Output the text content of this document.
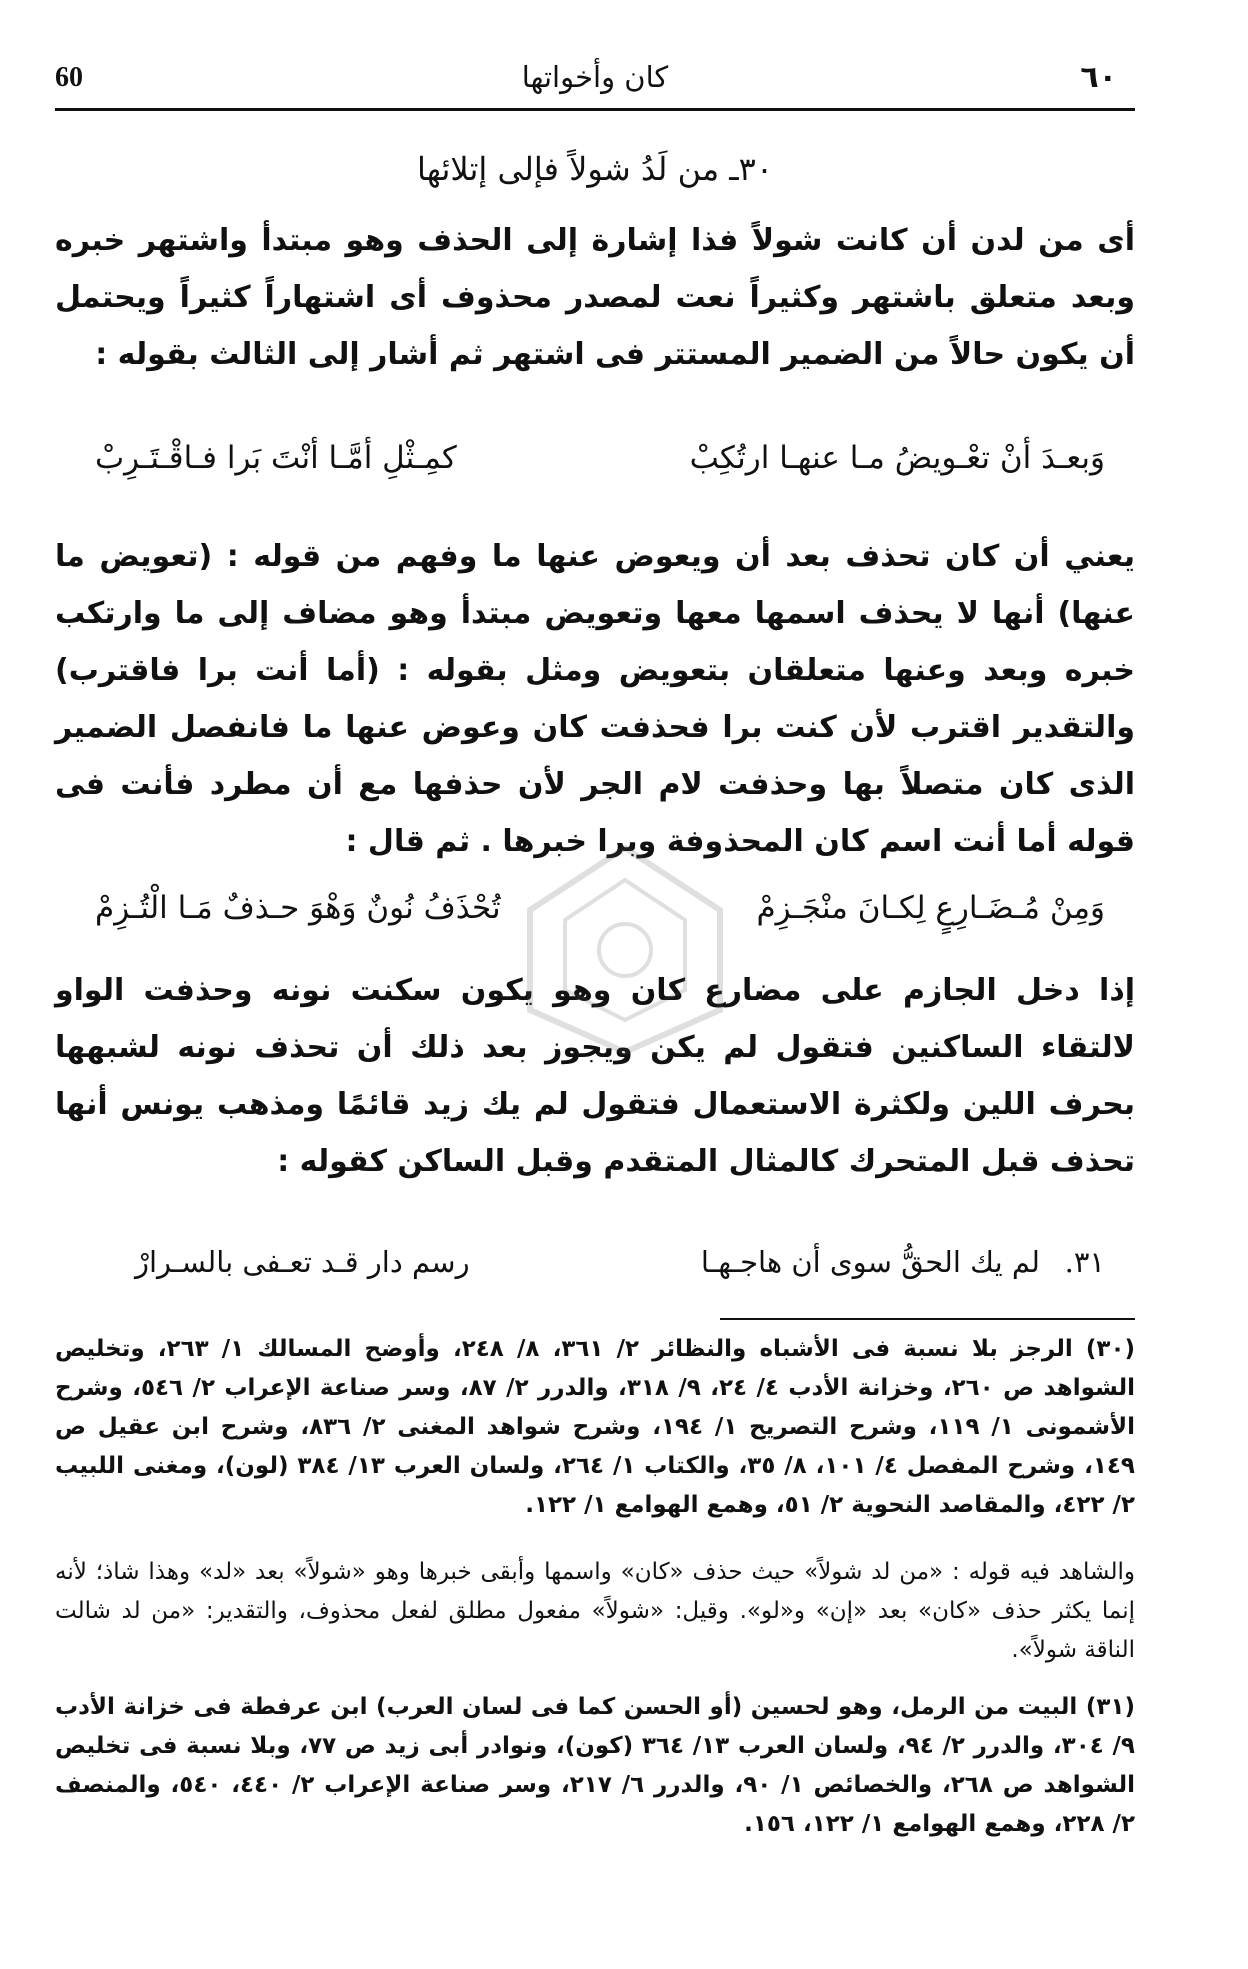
٦٠
كان وأخواتها
60
٣٠ـ من لَدُ شولاً فإلى إتلائها
أى من لدن أن كانت شولاً فذا إشارة إلى الحذف وهو مبتدأ واشتهر خبره وبعد متعلق باشتهر وكثيراً نعت لمصدر محذوف أى اشتهاراً كثيراً ويحتمل أن يكون حالاً من الضمير المستتر فى اشتهر ثم أشار إلى الثالث بقوله :
وَبعـدَ أنْ تعْـويضُ مـا عنهـا ارتُكِبْ
كمِـثْلِ أمَّـا أنْتَ بَرا فـاقْـتَـرِبْ
يعني أن كان تحذف بعد أن ويعوض عنها ما وفهم من قوله : (تعويض ما عنها) أنها لا يحذف اسمها معها وتعويض مبتدأ وهو مضاف إلى ما وارتكب خبره وبعد وعنها متعلقان بتعويض ومثل بقوله : (أما أنت برا فاقترب) والتقدير اقترب لأن كنت برا فحذفت كان وعوض عنها ما فانفصل الضمير الذى كان متصلاً بها وحذفت لام الجر لأن حذفها مع أن مطرد فأنت فى قوله أما أنت اسم كان المحذوفة وبرا خبرها . ثم قال :
وَمِنْ مُـضَـارِعٍ لِكـانَ منْجَـزِمْ
تُحْذَفُ نُونٌ وَهْوَ حـذفٌ مَـا الْتُـزِمْ
إذا دخل الجازم على مضارع كان وهو يكون سكنت نونه وحذفت الواو لالتقاء الساكنين فتقول لم يكن ويجوز بعد ذلك أن تحذف نونه لشبهها بحرف اللين ولكثرة الاستعمال فتقول لم يك زيد قائمًا ومذهب يونس أنها تحذف قبل المتحرك كالمثال المتقدم وقبل الساكن كقوله :
٣١.
لم يك الحقُّ سوى أن هاجـهـا
رسم دار قـد تعـفى بالسـرارْ
(٣٠) الرجز بلا نسبة فى الأشباه والنظائر ٢/ ٣٦١، ٨/ ٢٤٨، وأوضح المسالك ١/ ٢٦٣، وتخليص الشواهد ص ٢٦٠، وخزانة الأدب ٤/ ٢٤، ٩/ ٣١٨، والدرر ٢/ ٨٧، وسر صناعة الإعراب ٢/ ٥٤٦، وشرح الأشمونى ١/ ١١٩، وشرح التصريح ١/ ١٩٤، وشرح شواهد المغنى ٢/ ٨٣٦، وشرح ابن عقيل ص ١٤٩، وشرح المفصل ٤/ ١٠١، ٨/ ٣٥، والكتاب ١/ ٢٦٤، ولسان العرب ١٣/ ٣٨٤ (لون)، ومغنى اللبيب ٢/ ٤٢٢، والمقاصد النحوية ٢/ ٥١، وهمع الهوامع ١/ ١٢٢.
والشاهد فيه قوله : «من لد شولاً» حيث حذف «كان» واسمها وأبقى خبرها وهو «شولاً» بعد «لد» وهذا شاذ؛ لأنه إنما يكثر حذف «كان» بعد «إن» و«لو». وقيل: «شولاً» مفعول مطلق لفعل محذوف، والتقدير: «من لد شالت الناقة شولاً».
(٣١) البيت من الرمل، وهو لحسين (أو الحسن كما فى لسان العرب) ابن عرفطة فى خزانة الأدب ٩/ ٣٠٤، والدرر ٢/ ٩٤، ولسان العرب ١٣/ ٣٦٤ (كون)، ونوادر أبى زيد ص ٧٧، وبلا نسبة فى تخليص الشواهد ص ٢٦٨، والخصائص ١/ ٩٠، والدرر ٦/ ٢١٧، وسر صناعة الإعراب ٢/ ٤٤٠، ٥٤٠، والمنصف ٢/ ٢٢٨، وهمع الهوامع ١/ ١٢٢، ١٥٦.
